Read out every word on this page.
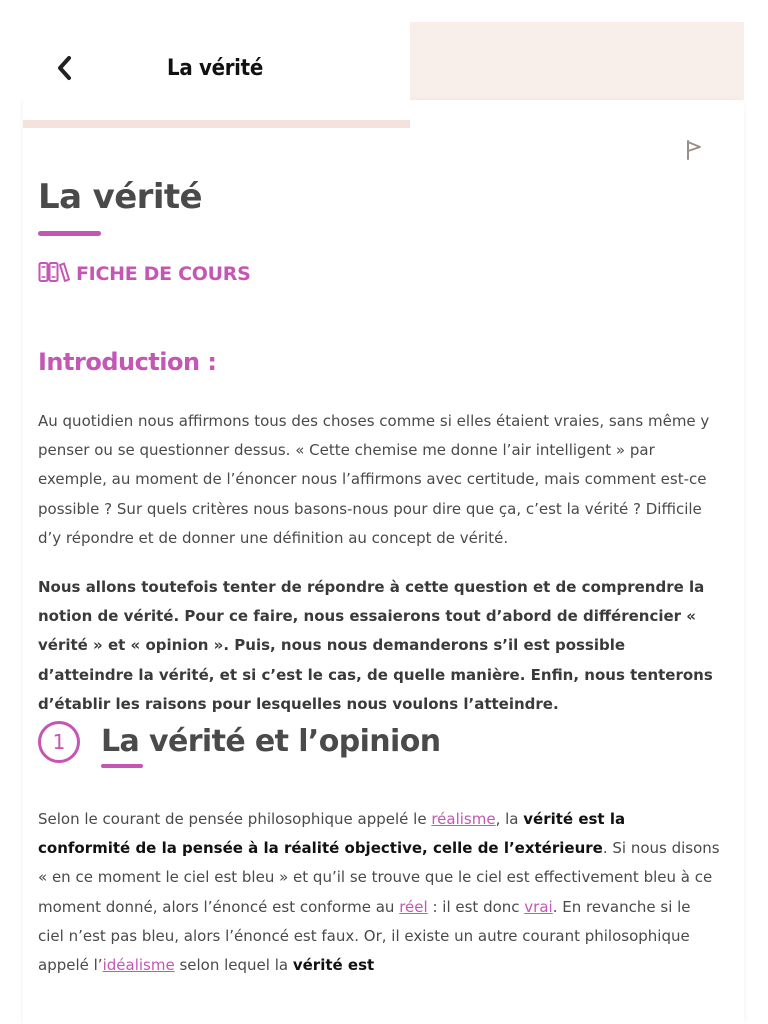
La vérité
La vérité
FICHE DE COURS
Introduction :
Au quotidien nous affirmons tous des choses comme si elles étaient vraies, sans même y penser ou se questionner dessus. « Cette chemise me donne l’air intelligent » par exemple, au moment de l’énoncer nous l’affirmons avec certitude, mais comment est-ce possible ? Sur quels critères nous basons-nous pour dire que ça, c’est la vérité ? Difficile d’y répondre et de donner une définition au concept de vérité.
Nous allons toutefois tenter de répondre à cette question et de comprendre la notion de vérité. Pour ce faire, nous essaierons tout d’abord de différencier « vérité » et « opinion ». Puis, nous nous demanderons s’il est possible d’atteindre la vérité, et si c’est le cas, de quelle manière. Enfin, nous tenterons d’établir les raisons pour lesquelles nous voulons l’atteindre.
1	La vérité et l’opinion
Selon le courant de pensée philosophique appelé le réalisme, la vérité est la conformité de la pensée à la réalité objective, celle de l’extérieure. Si nous disons « en ce moment le ciel est bleu » et qu’il se trouve que le ciel est effectivement bleu à ce moment donné, alors l’énoncé est conforme au réel : il est donc vrai. En revanche si le ciel n’est pas bleu, alors l’énoncé est faux. Or, il existe un autre courant philosophique appelé l’idéalisme selon lequel la vérité est
